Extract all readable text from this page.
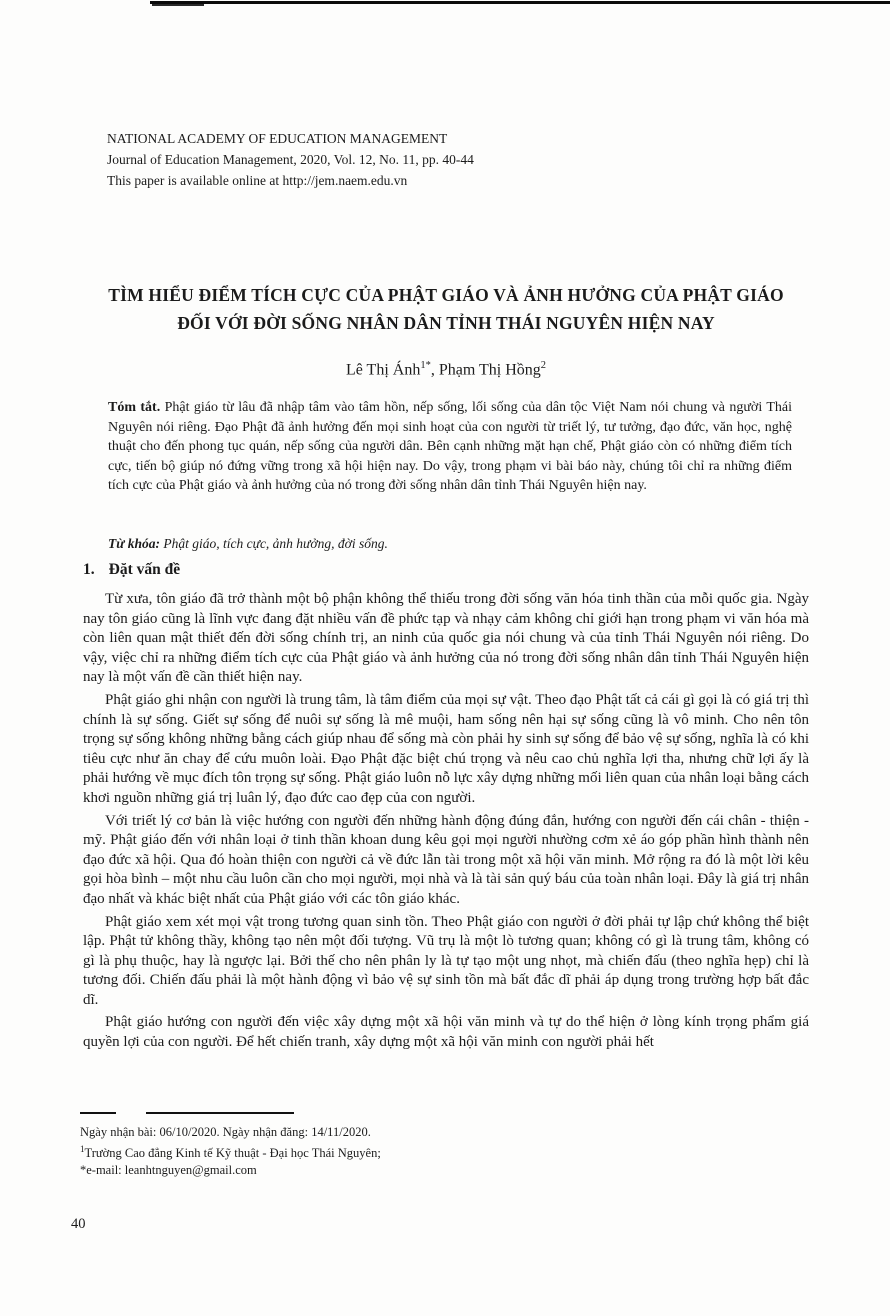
NATIONAL ACADEMY OF EDUCATION MANAGEMENT
Journal of Education Management, 2020, Vol. 12, No. 11, pp. 40-44
This paper is available online at http://jem.naem.edu.vn
TÌM HIỂU ĐIỂM TÍCH CỰC CỦA PHẬT GIÁO VÀ ẢNH HƯỞNG CỦA PHẬT GIÁO
ĐỐI VỚI ĐỜI SỐNG NHÂN DÂN TỈNH THÁI NGUYÊN HIỆN NAY
Lê Thị Ánh$^{1*}$, Phạm Thị Hồng$^2$
Tóm tắt. Phật giáo từ lâu đã nhập tâm vào tâm hồn, nếp sống, lối sống của dân tộc Việt Nam nói chung và người Thái Nguyên nói riêng. Đạo Phật đã ảnh hưởng đến mọi sinh hoạt của con người từ triết lý, tư tưởng, đạo đức, văn học, nghệ thuật cho đến phong tục quán, nếp sống của người dân. Bên cạnh những mặt hạn chế, Phật giáo còn có những điểm tích cực, tiến bộ giúp nó đứng vững trong xã hội hiện nay. Do vậy, trong phạm vi bài báo này, chúng tôi chỉ ra những điểm tích cực của Phật giáo và ảnh hưởng của nó trong đời sống nhân dân tỉnh Thái Nguyên hiện nay.
Từ khóa: Phật giáo, tích cực, ảnh hưởng, đời sống.
1. Đặt vấn đề

Từ xưa, tôn giáo đã trở thành một bộ phận không thể thiếu trong đời sống văn hóa tinh thần của mỗi quốc gia. Ngày nay tôn giáo cũng là lĩnh vực đang đặt nhiều vấn đề phức tạp và nhạy cảm không chỉ giới hạn trong phạm vi văn hóa mà còn liên quan mật thiết đến đời sống chính trị, an ninh của quốc gia nói chung và của tỉnh Thái Nguyên nói riêng. Do vậy, việc chỉ ra những điểm tích cực của Phật giáo và ảnh hưởng của nó trong đời sống nhân dân tỉnh Thái Nguyên hiện nay là một vấn đề cần thiết hiện nay.

Phật giáo ghi nhận con người là trung tâm, là tâm điểm của mọi sự vật. Theo đạo Phật tất cả cái gì gọi là có giá trị thì chính là sự sống. Giết sự sống để nuôi sự sống là mê muội, ham sống nên hại sự sống cũng là vô minh. Cho nên tôn trọng sự sống không những bằng cách giúp nhau để sống mà còn phải hy sinh sự sống để bảo vệ sự sống, nghĩa là có khi tiêu cực như ăn chay để cứu muôn loài. Đạo Phật đặc biệt chú trọng và nêu cao chủ nghĩa lợi tha, nhưng chữ lợi ấy là phải hướng về mục đích tôn trọng sự sống. Phật giáo luôn nỗ lực xây dựng những mối liên quan của nhân loại bằng cách khơi nguồn những giá trị luân lý, đạo đức cao đẹp của con người.

Với triết lý cơ bản là việc hướng con người đến những hành động đúng đắn, hướng con người đến cái chân - thiện - mỹ. Phật giáo đến với nhân loại ở tinh thần khoan dung kêu gọi mọi người nhường cơm xẻ áo góp phần hình thành nên đạo đức xã hội. Qua đó hoàn thiện con người cả về đức lẫn tài trong một xã hội văn minh. Mở rộng ra đó là một lời kêu gọi hòa bình – một nhu cầu luôn cần cho mọi người, mọi nhà và là tài sản quý báu của toàn nhân loại. Đây là giá trị nhân đạo nhất và khác biệt nhất của Phật giáo với các tôn giáo khác.

Phật giáo xem xét mọi vật trong tương quan sinh tồn. Theo Phật giáo con người ở đời phải tự lập chứ không thể biệt lập. Phật tử không thầy, không tạo nên một đối tượng. Vũ trụ là một lò tương quan; không có gì là trung tâm, không có gì là phụ thuộc, hay là ngược lại. Bởi thế cho nên phân ly là tự tạo một ung nhọt, mà chiến đấu (theo nghĩa hẹp) chỉ là tương đối. Chiến đấu phải là một hành động vì bảo vệ sự sinh tồn mà bất đắc dĩ phải áp dụng trong trường hợp bất đắc dĩ.

Phật giáo hướng con người đến việc xây dựng một xã hội văn minh và tự do thể hiện ở lòng kính trọng phẩm giá quyền lợi của con người. Để hết chiến tranh, xây dựng một xã hội văn minh con người phải hết

Ngày nhận bài: 06/10/2020. Ngày nhận đăng: 14/11/2020.
$^1$Trường Cao đẳng Kinh tế Kỹ thuật - Đại học Thái Nguyên;
*e-mail: leanhtnguyen@gmail.com
40
